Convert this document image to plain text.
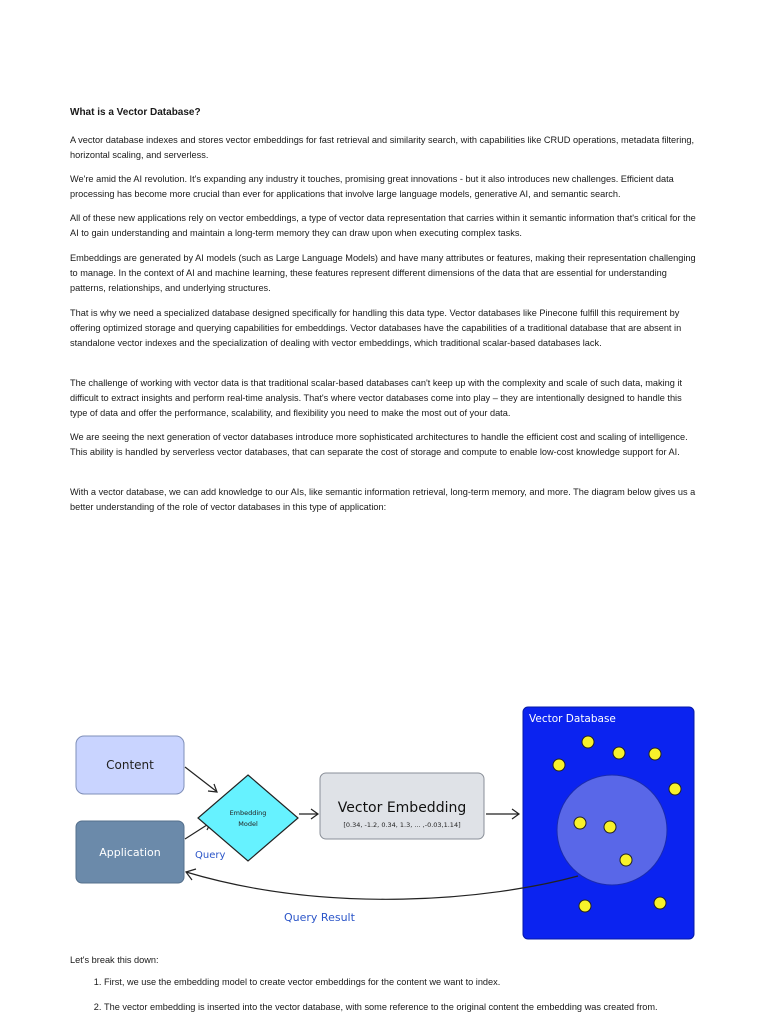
What is a Vector Database?

A vector database indexes and stores vector embeddings for fast retrieval and similarity search, with capabilities like CRUD operations, metadata filtering, horizontal scaling, and serverless.

We're amid the AI revolution. It's expanding any industry it touches, promising great innovations - but it also introduces new challenges. Efficient data processing has become more crucial than ever for applications that involve large language models, generative AI, and semantic search.

All of these new applications rely on vector embeddings, a type of vector data representation that carries within it semantic information that's critical for the AI to gain understanding and maintain a long-term memory they can draw upon when executing complex tasks.

Embeddings are generated by AI models (such as Large Language Models) and have many attributes or features, making their representation challenging to manage. In the context of AI and machine learning, these features represent different dimensions of the data that are essential for understanding patterns, relationships, and underlying structures.

That is why we need a specialized database designed specifically for handling this data type. Vector databases like Pinecone fulfill this requirement by offering optimized storage and querying capabilities for embeddings. Vector databases have the capabilities of a traditional database that are absent in standalone vector indexes and the specialization of dealing with vector embeddings, which traditional scalar-based databases lack.

The challenge of working with vector data is that traditional scalar-based databases can't keep up with the complexity and scale of such data, making it difficult to extract insights and perform real-time analysis. That's where vector databases come into play – they are intentionally designed to handle this type of data and offer the performance, scalability, and flexibility you need to make the most out of your data.

We are seeing the next generation of vector databases introduce more sophisticated architectures to handle the efficient cost and scaling of intelligence. This ability is handled by serverless vector databases, that can separate the cost of storage and compute to enable low-cost knowledge support for AI.

With a vector database, we can add knowledge to our AIs, like semantic information retrieval, long-term memory, and more. The diagram below gives us a better understanding of the role of vector databases in this type of application:

Content
Application
Embedding
Model
Query
Vector Embedding
[0.34, -1.2, 0.34, 1.3, ... ,-0.03,1.14]
Vector Database
Query Result
Let's break this down:
1. First, we use the embedding model to create vector embeddings for the content we want to index.
2. The vector embedding is inserted into the vector database, with some reference to the original content the embedding was created from.
